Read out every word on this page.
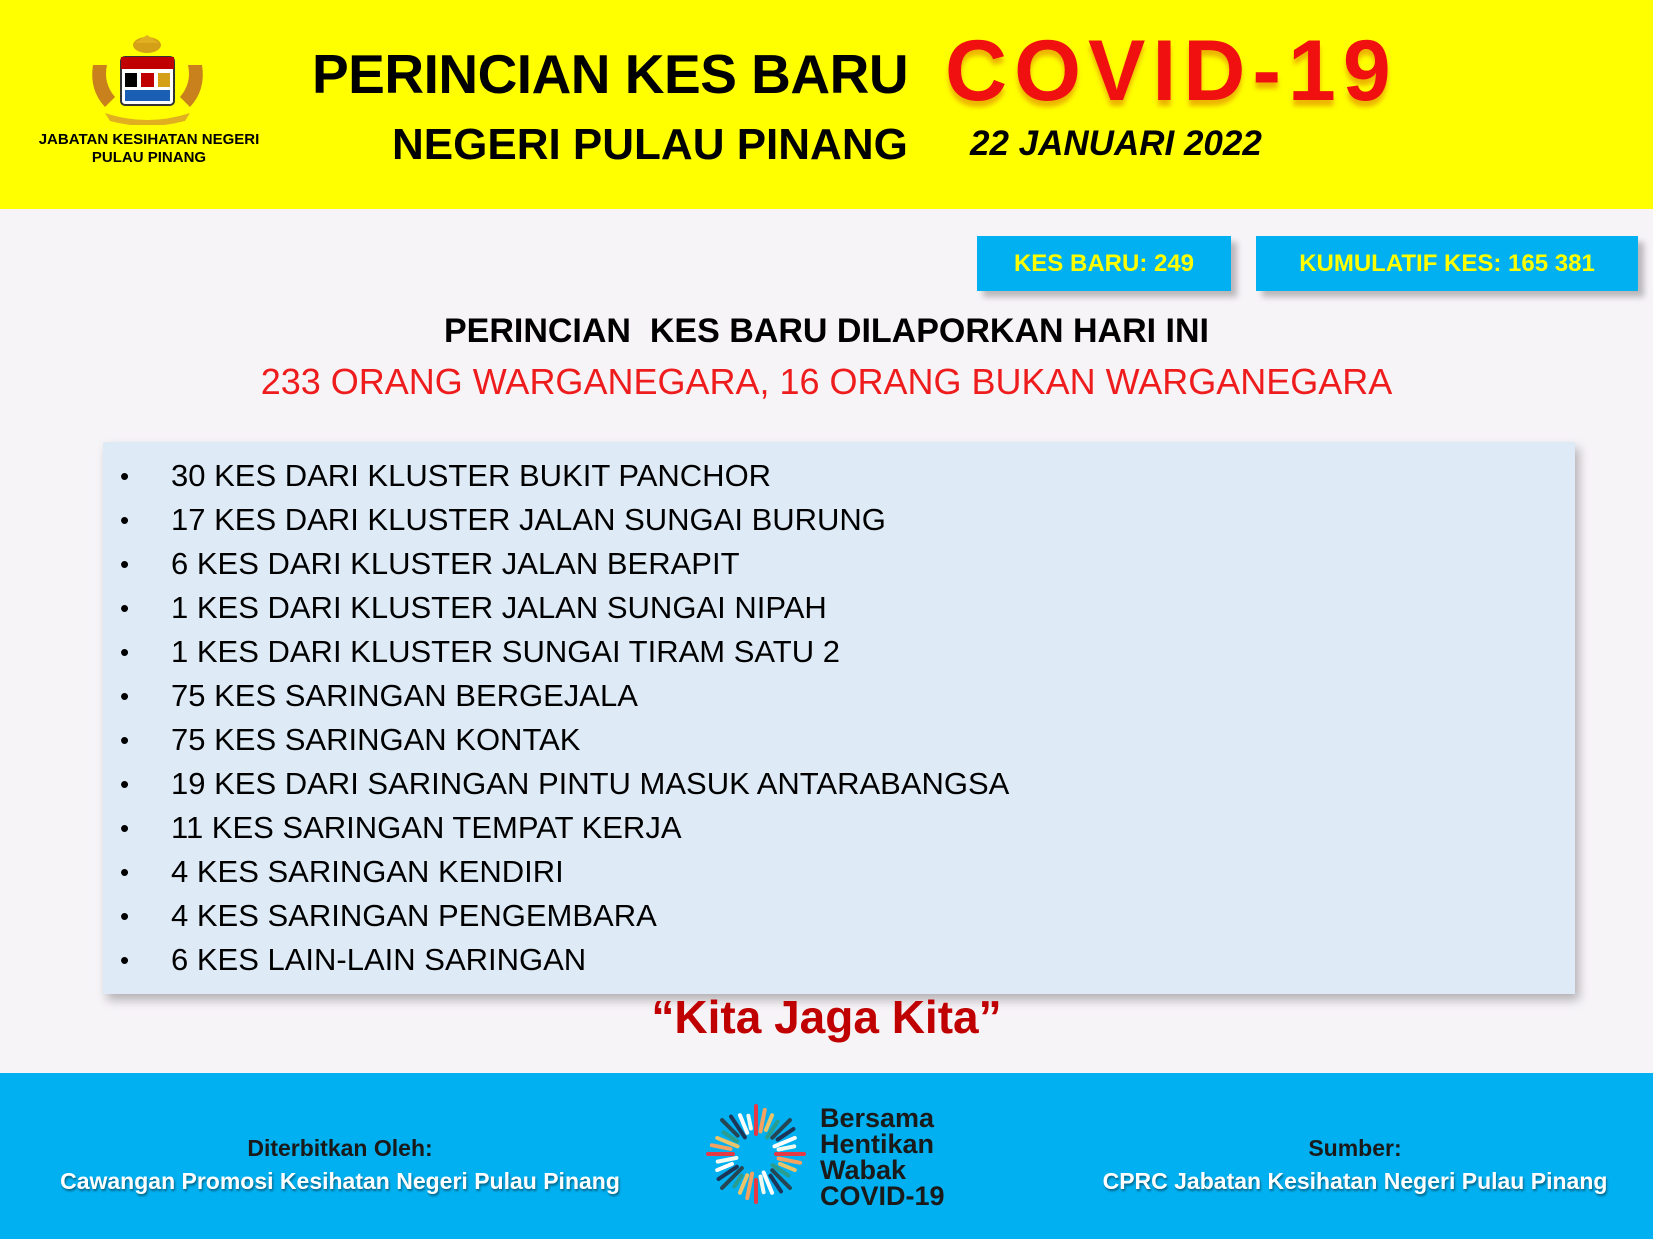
JABATAN KESIHATAN NEGERI
PULAU PINANG
PERINCIAN KES BARU COVID-19
NEGERI PULAU PINANG 22 JANUARI 2022
KES BARU: 249	KUMULATIF KES: 165 381
PERINCIAN  KES BARU DILAPORKAN HARI INI
233 ORANG WARGANEGARA, 16 ORANG BUKAN WARGANEGARA
• 30 KES DARI KLUSTER BUKIT PANCHOR
• 17 KES DARI KLUSTER JALAN SUNGAI BURUNG
• 6 KES DARI KLUSTER JALAN BERAPIT
• 1 KES DARI KLUSTER JALAN SUNGAI NIPAH
• 1 KES DARI KLUSTER SUNGAI TIRAM SATU 2
• 75 KES SARINGAN BERGEJALA
• 75 KES SARINGAN KONTAK
• 19 KES DARI SARINGAN PINTU MASUK ANTARABANGSA
• 11 KES SARINGAN TEMPAT KERJA
• 4 KES SARINGAN KENDIRI
• 4 KES SARINGAN PENGEMBARA
• 6 KES LAIN-LAIN SARINGAN
“Kita Jaga Kita”
Diterbitkan Oleh:
Cawangan Promosi Kesihatan Negeri Pulau Pinang
Sumber:
CPRC Jabatan Kesihatan Negeri Pulau Pinang
Bersama
Hentikan
Wabak
COVID-19
